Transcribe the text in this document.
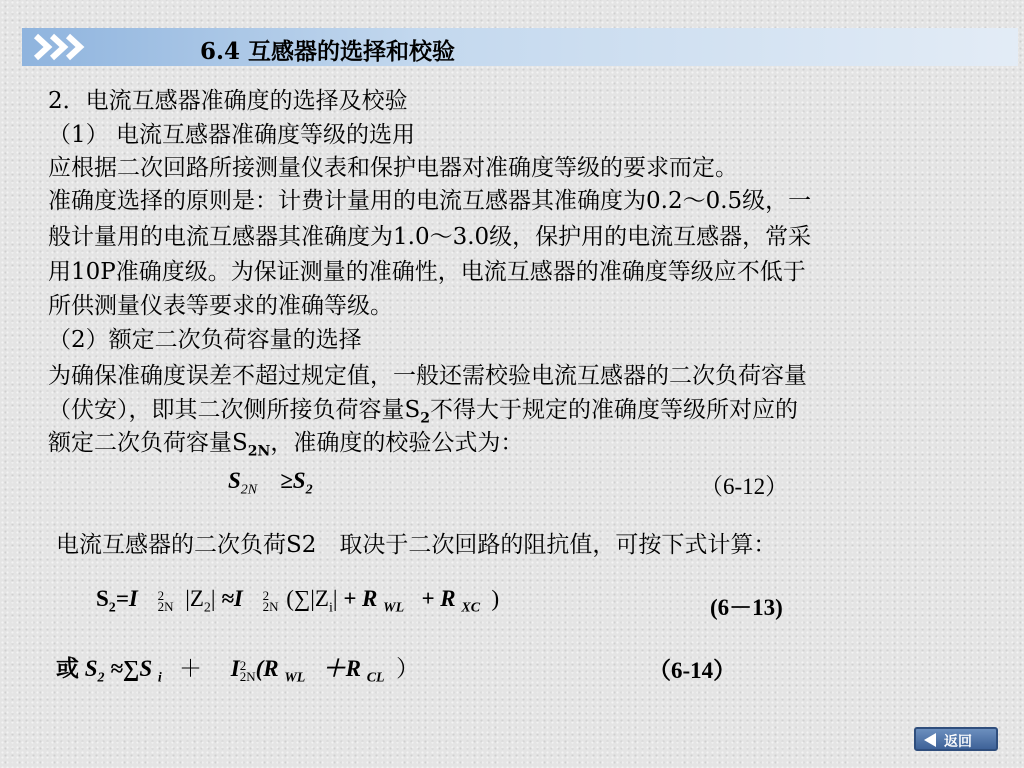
6.4 互感器的选择和校验
2．电流互感器准确度的选择及校验
（1） 电流互感器准确度等级的选用
应根据二次回路所接测量仪表和保护电器对准确度等级的要求而定。
准确度选择的原则是：计费计量用的电流互感器其准确度为0.2～0.5级，一
般计量用的电流互感器其准确度为1.0～3.0级，保护用的电流互感器，常采
用10P准确度级。为保证测量的准确性，电流互感器的准确度等级应不低于
所供测量仪表等要求的准确等级。
（2）额定二次负荷容量的选择
为确保准确度误差不超过规定值，一般还需校验电流互感器的二次负荷容量
（伏安），即其二次侧所接负荷容量$S_2$不得大于规定的准确度等级所对应的
额定二次负荷容量$S_{2N}$，准确度的校验公式为：
$S_{2N} \ge S_2$	（6-12）
电流互感器的二次负荷S2　取决于二次回路的阻抗值，可按下式计算：
$S_2=I$ 2
2N $|Z_2| \approx I$ 2
2N ($\sum|Z_i| + R$ $_{WL}$ + R $_{XC}$ )	(6－13)
或 $S_2 \approx\sum S$ $_i$ ＋ I2
2N(R $_{WL}$ ＋R $_{CL}$ ）	（6-14）
返回
